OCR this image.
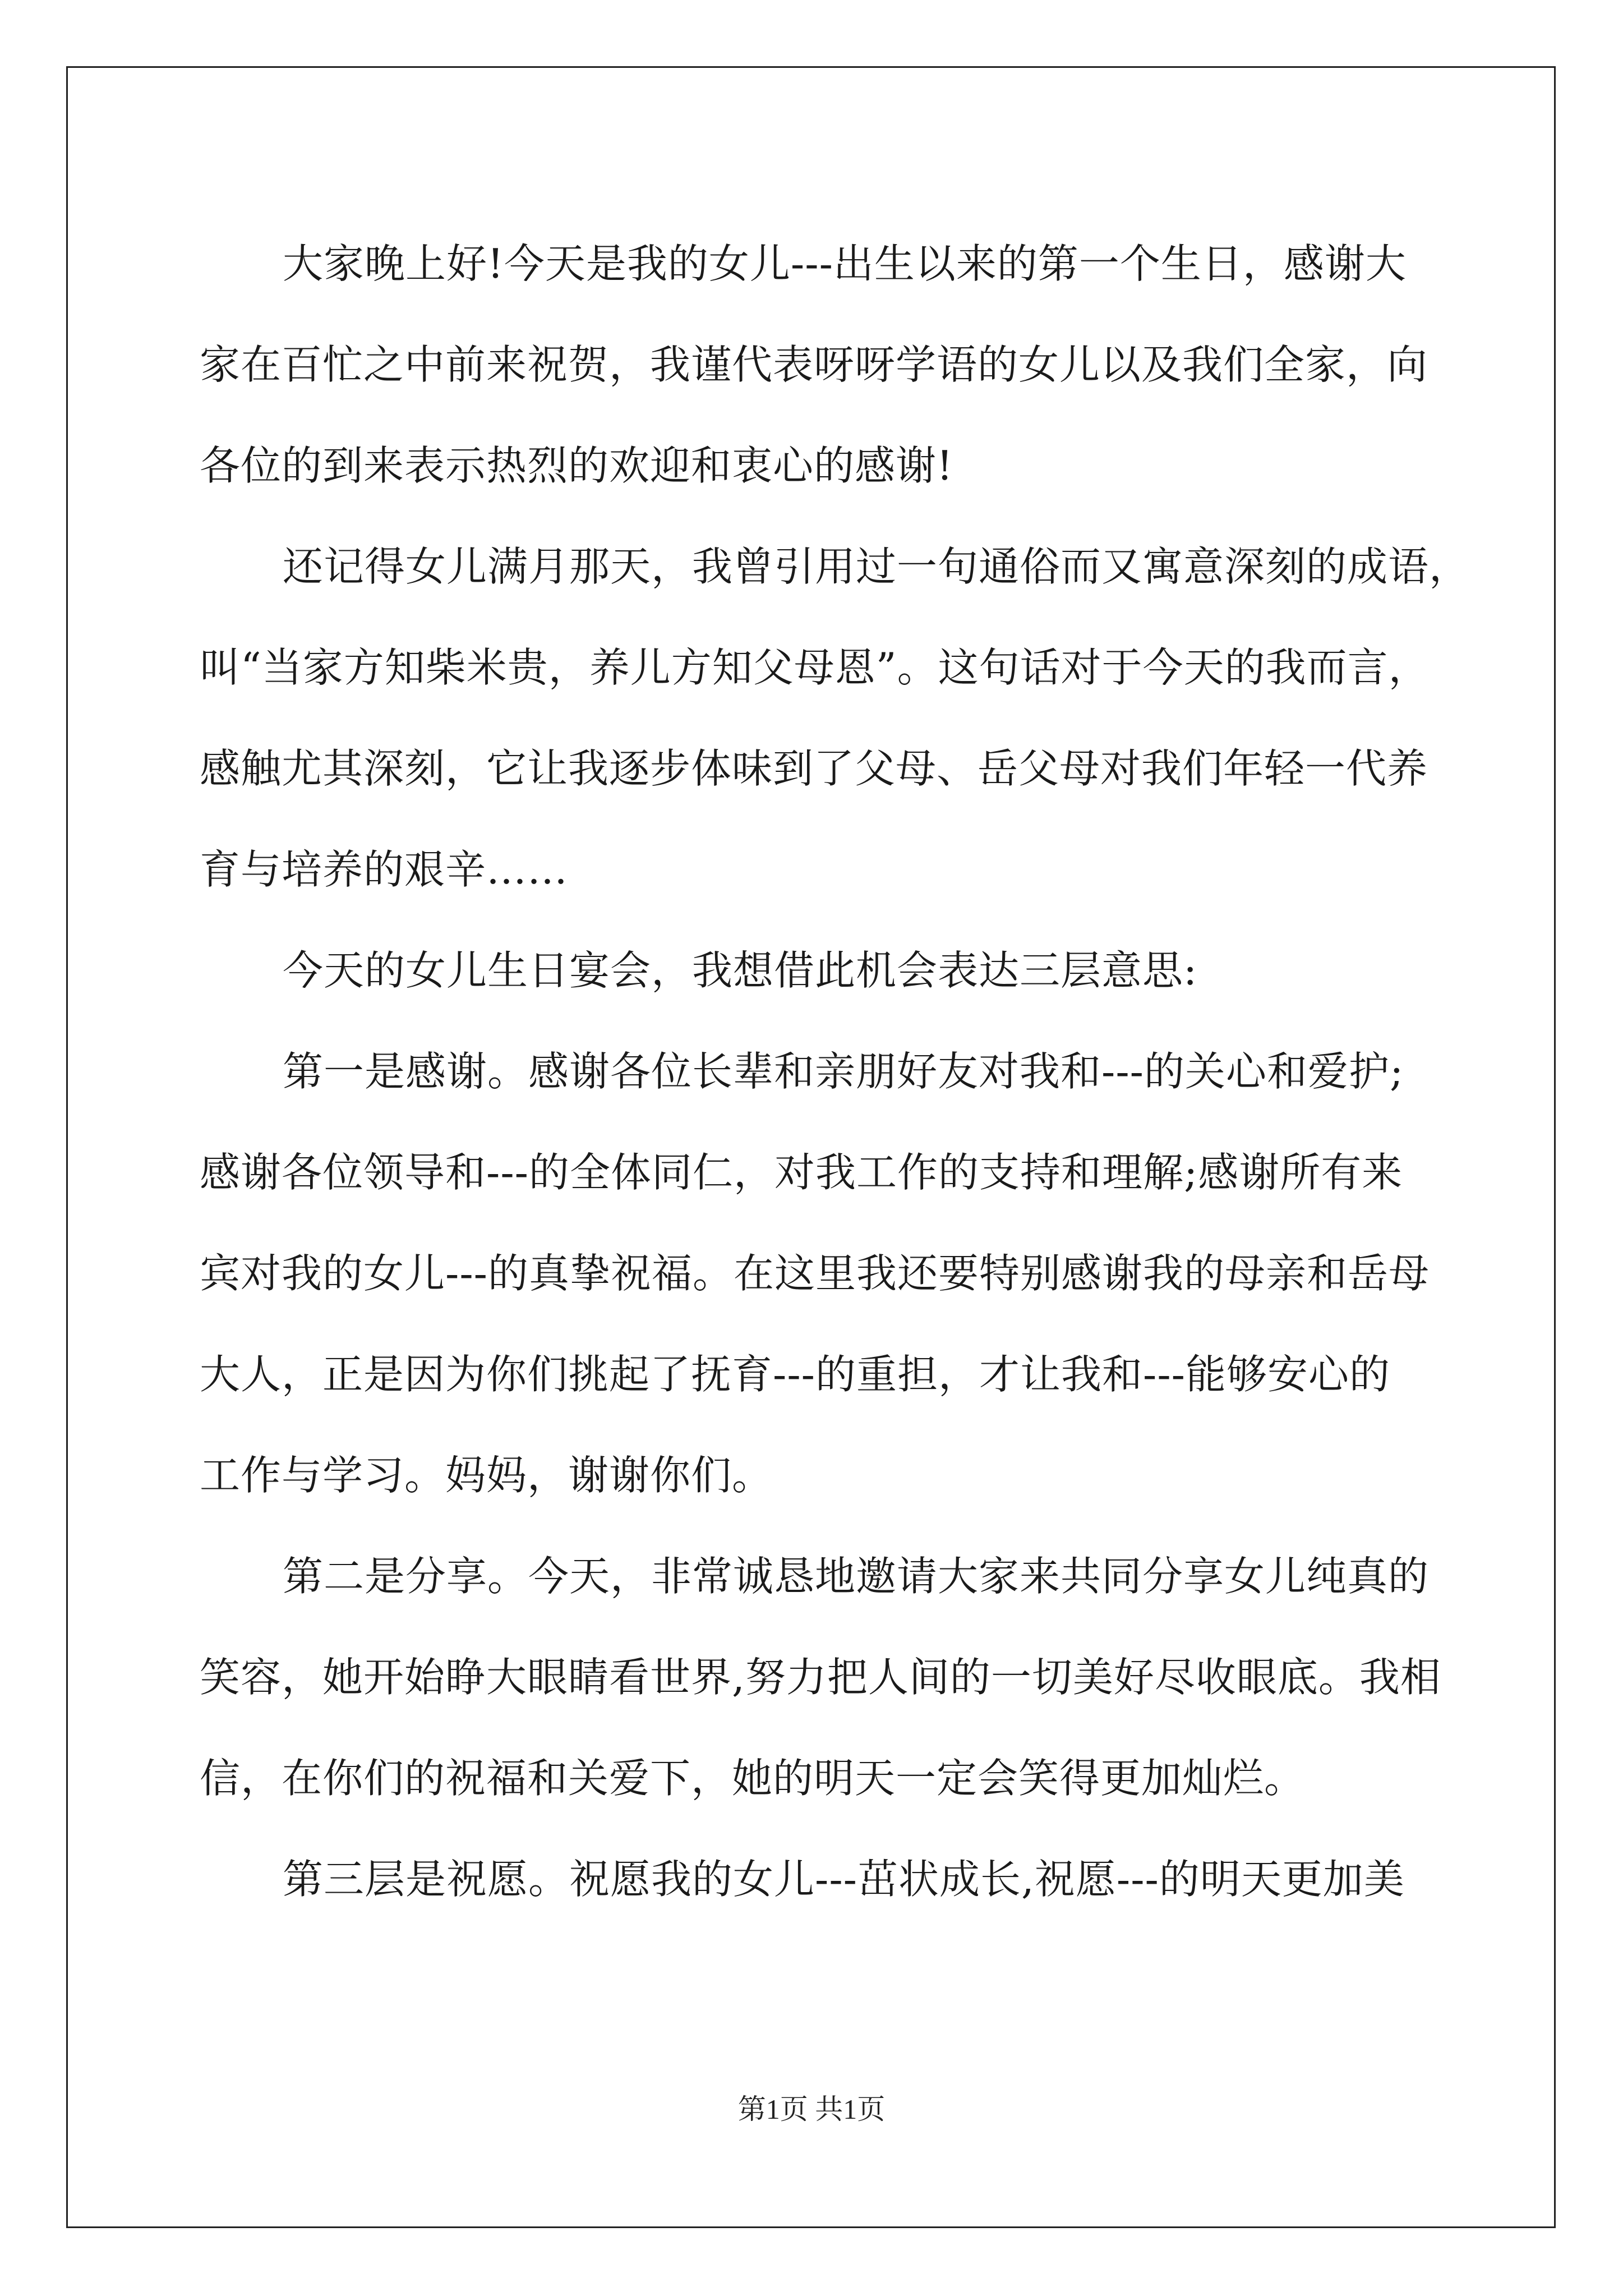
大家晚上好!今天是我的女儿---出生以来的第一个生日，感谢大
家在百忙之中前来祝贺，我谨代表呀呀学语的女儿以及我们全家，向
各位的到来表示热烈的欢迎和衷心的感谢!
还记得女儿满月那天，我曾引用过一句通俗而又寓意深刻的成语，
叫“当家方知柴米贵，养儿方知父母恩”。这句话对于今天的我而言，
感触尤其深刻，它让我逐步体味到了父母、岳父母对我们年轻一代养
育与培养的艰辛……
今天的女儿生日宴会，我想借此机会表达三层意思:
第一是感谢。感谢各位长辈和亲朋好友对我和---的关心和爱护;
感谢各位领导和---的全体同仁，对我工作的支持和理解;感谢所有来
宾对我的女儿---的真挚祝福。在这里我还要特别感谢我的母亲和岳母
大人，正是因为你们挑起了抚育---的重担，才让我和---能够安心的
工作与学习。妈妈，谢谢你们。
第二是分享。今天，非常诚恳地邀请大家来共同分享女儿纯真的
笑容，她开始睁大眼睛看世界,努力把人间的一切美好尽收眼底。我相
信，在你们的祝福和关爱下，她的明天一定会笑得更加灿烂。
第三层是祝愿。祝愿我的女儿---茁状成长,祝愿---的明天更加美
第1页 共1页
